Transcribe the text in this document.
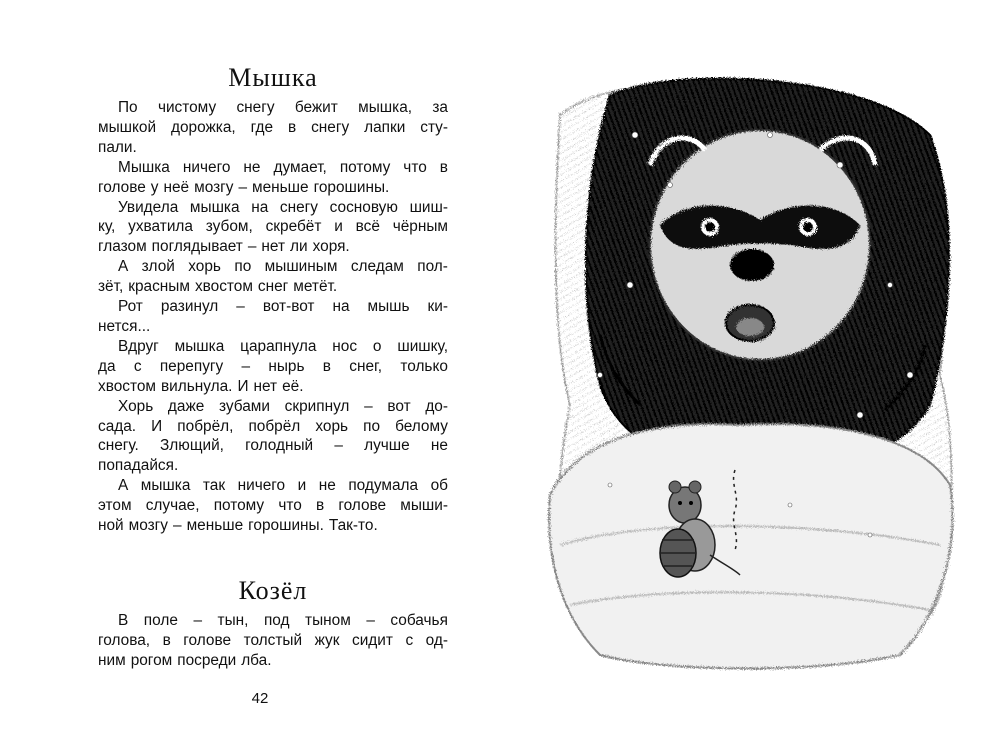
Мышка
По чистому снегу бежит мышка, за
мышкой дорожка, где в снегу лапки сту-
пали.
Мышка ничего не думает, потому что в
голове у неё мозгу – меньше горошины.
Увидела мышка на снегу сосновую шиш-
ку, ухватила зубом, скребёт и всё чёрным
глазом поглядывает – нет ли хоря.
А злой хорь по мышиным следам пол-
зёт, красным хвостом снег метёт.
Рот разинул – вот-вот на мышь ки-
нется...
Вдруг мышка царапнула нос о шишку,
да с перепугу – нырь в снег, только
хвостом вильнула. И нет её.
Хорь даже зубами скрипнул – вот до-
сада. И побрёл, побрёл хорь по белому
снегу. Злющий, голодный – лучше не
попадайся.
А мышка так ничего и не подумала об
этом случае, потому что в голове мыши-
ной мозгу – меньше горошины. Так-то.
Козёл
В поле – тын, под тыном – собачья
голова, в голове толстый жук сидит с од-
ним рогом посреди лба.
42
